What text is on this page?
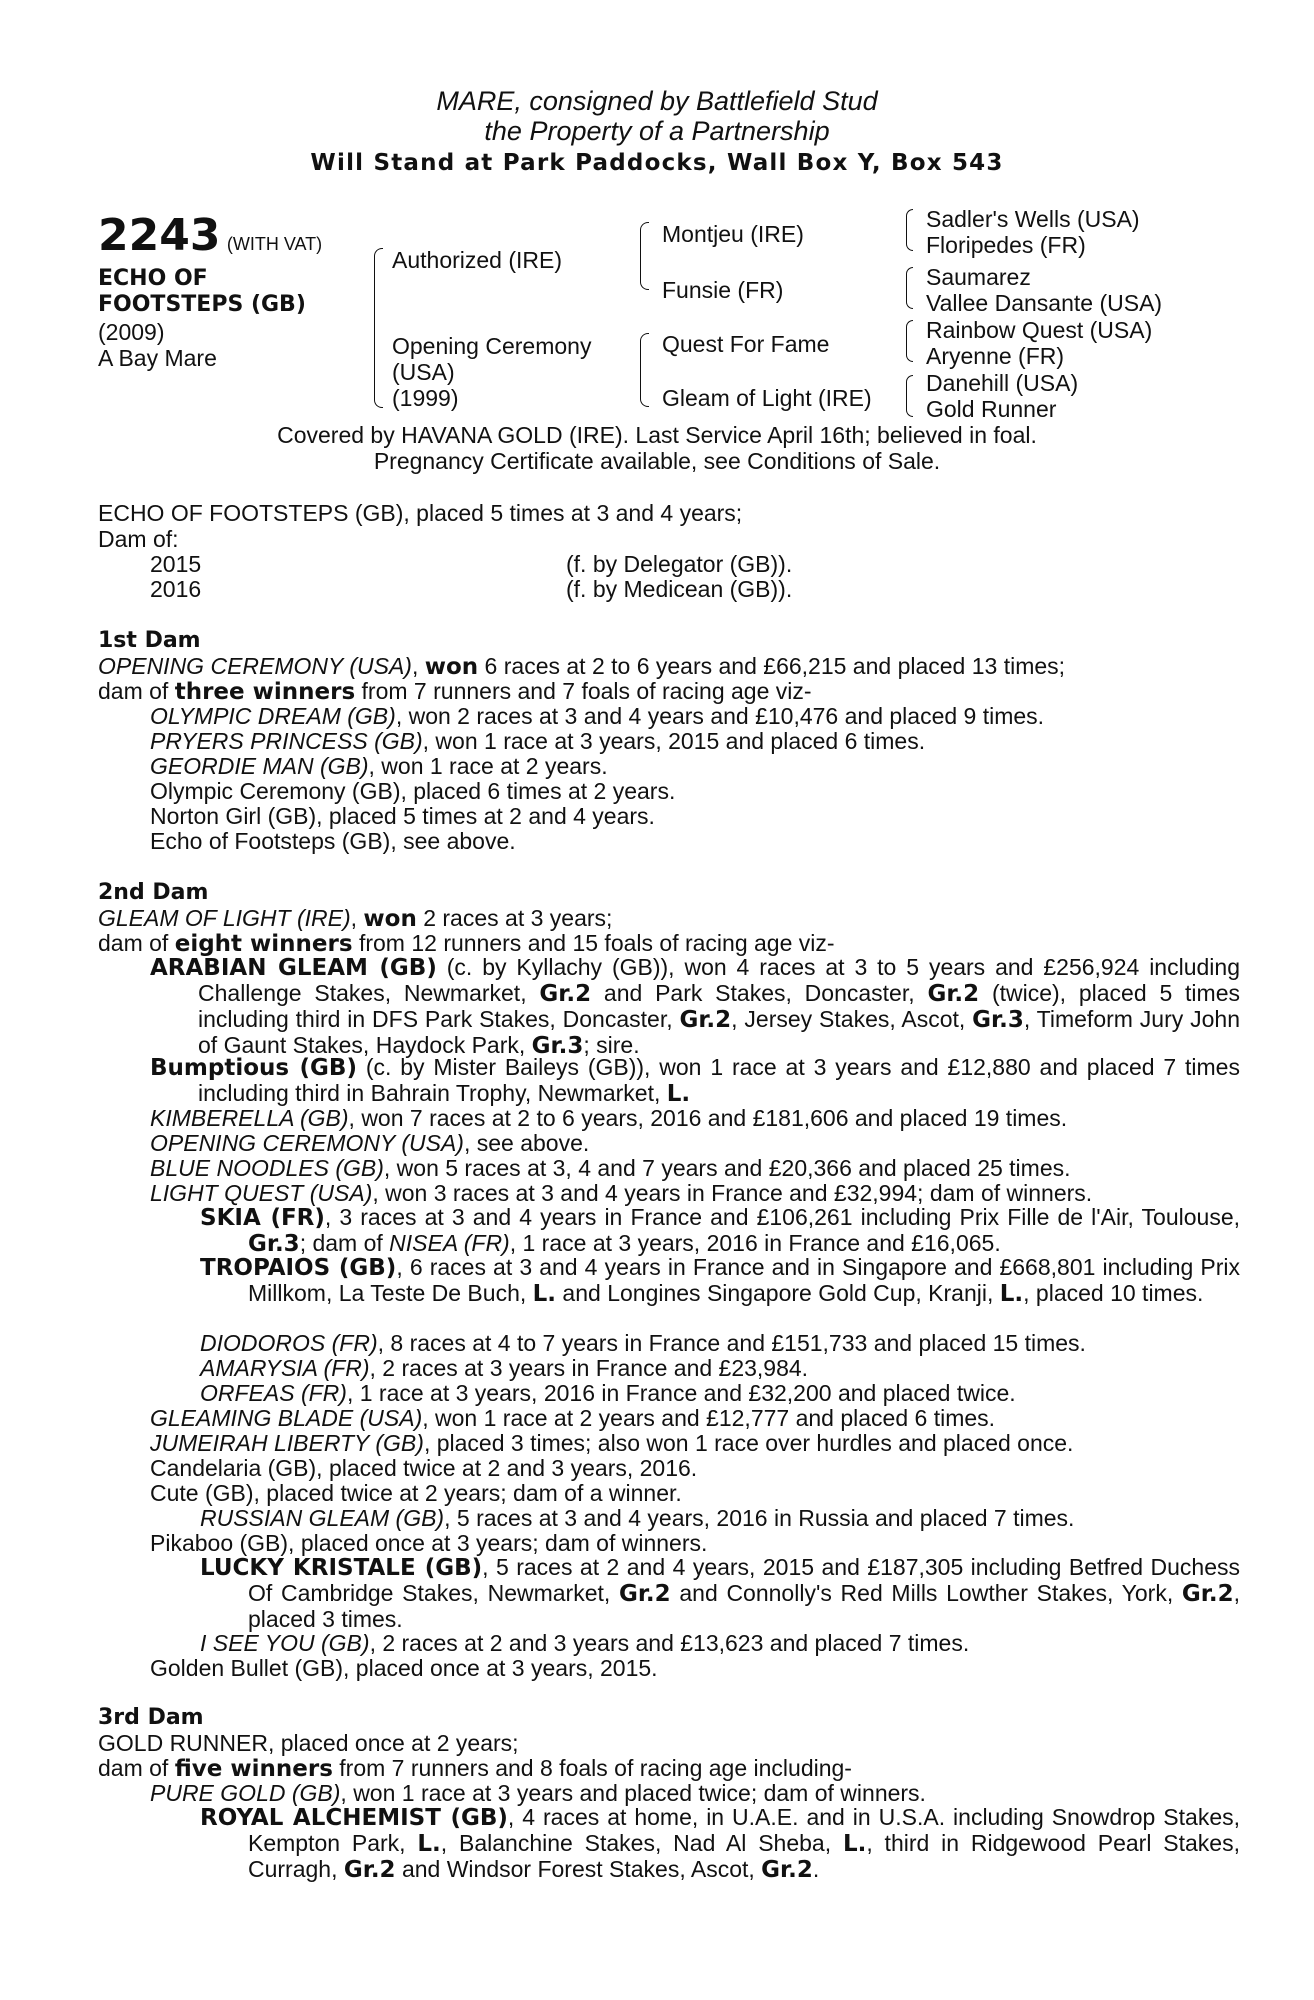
MARE, consigned by Battlefield Stud
the Property of a Partnership
Will Stand at Park Paddocks, Wall Box Y, Box 543
2243 (WITH VAT)
ECHO OF
FOOTSTEPS (GB)
(2009)
A Bay Mare
Authorized (IRE)
Opening Ceremony
(USA)
(1999)
Montjeu (IRE)
Funsie (FR)
Quest For Fame
Gleam of Light (IRE)
Sadler's Wells (USA)
Floripedes (FR)
Saumarez
Vallee Dansante (USA)
Rainbow Quest (USA)
Aryenne (FR)
Danehill (USA)
Gold Runner
Covered by HAVANA GOLD (IRE). Last Service April 16th; believed in foal.
Pregnancy Certificate available, see Conditions of Sale.
ECHO OF FOOTSTEPS (GB), placed 5 times at 3 and 4 years;
Dam of:
2015	(f. by Delegator (GB)).
2016	(f. by Medicean (GB)).
1st Dam
OPENING CEREMONY (USA), won 6 races at 2 to 6 years and £66,215 and placed 13 times;
dam of three winners from 7 runners and 7 foals of racing age viz-
OLYMPIC DREAM (GB), won 2 races at 3 and 4 years and £10,476 and placed 9 times.
PRYERS PRINCESS (GB), won 1 race at 3 years, 2015 and placed 6 times.
GEORDIE MAN (GB), won 1 race at 2 years.
Olympic Ceremony (GB), placed 6 times at 2 years.
Norton Girl (GB), placed 5 times at 2 and 4 years.
Echo of Footsteps (GB), see above.
2nd Dam
GLEAM OF LIGHT (IRE), won 2 races at 3 years;
dam of eight winners from 12 runners and 15 foals of racing age viz-
ARABIAN GLEAM (GB) (c. by Kyllachy (GB)), won 4 races at 3 to 5 years and £256,924 including Challenge Stakes, Newmarket, Gr.2 and Park Stakes, Doncaster, Gr.2 (twice), placed 5 times including third in DFS Park Stakes, Doncaster, Gr.2, Jersey Stakes, Ascot, Gr.3, Timeform Jury John of Gaunt Stakes, Haydock Park, Gr.3; sire.
Bumptious (GB) (c. by Mister Baileys (GB)), won 1 race at 3 years and £12,880 and placed 7 times including third in Bahrain Trophy, Newmarket, L.
KIMBERELLA (GB), won 7 races at 2 to 6 years, 2016 and £181,606 and placed 19 times.
OPENING CEREMONY (USA), see above.
BLUE NOODLES (GB), won 5 races at 3, 4 and 7 years and £20,366 and placed 25 times.
LIGHT QUEST (USA), won 3 races at 3 and 4 years in France and £32,994; dam of winners.
SKIA (FR), 3 races at 3 and 4 years in France and £106,261 including Prix Fille de l'Air, Toulouse, Gr.3; dam of NISEA (FR), 1 race at 3 years, 2016 in France and £16,065.
TROPAIOS (GB), 6 races at 3 and 4 years in France and in Singapore and £668,801 including Prix Millkom, La Teste De Buch, L. and Longines Singapore Gold Cup, Kranji, L., placed 10 times.
DIODOROS (FR), 8 races at 4 to 7 years in France and £151,733 and placed 15 times.
AMARYSIA (FR), 2 races at 3 years in France and £23,984.
ORFEAS (FR), 1 race at 3 years, 2016 in France and £32,200 and placed twice.
GLEAMING BLADE (USA), won 1 race at 2 years and £12,777 and placed 6 times.
JUMEIRAH LIBERTY (GB), placed 3 times; also won 1 race over hurdles and placed once.
Candelaria (GB), placed twice at 2 and 3 years, 2016.
Cute (GB), placed twice at 2 years; dam of a winner.
RUSSIAN GLEAM (GB), 5 races at 3 and 4 years, 2016 in Russia and placed 7 times.
Pikaboo (GB), placed once at 3 years; dam of winners.
LUCKY KRISTALE (GB), 5 races at 2 and 4 years, 2015 and £187,305 including Betfred Duchess Of Cambridge Stakes, Newmarket, Gr.2 and Connolly's Red Mills Lowther Stakes, York, Gr.2, placed 3 times.
I SEE YOU (GB), 2 races at 2 and 3 years and £13,623 and placed 7 times.
Golden Bullet (GB), placed once at 3 years, 2015.
3rd Dam
GOLD RUNNER, placed once at 2 years;
dam of five winners from 7 runners and 8 foals of racing age including-
PURE GOLD (GB), won 1 race at 3 years and placed twice; dam of winners.
ROYAL ALCHEMIST (GB), 4 races at home, in U.A.E. and in U.S.A. including Snowdrop Stakes, Kempton Park, L., Balanchine Stakes, Nad Al Sheba, L., third in Ridgewood Pearl Stakes, Curragh, Gr.2 and Windsor Forest Stakes, Ascot, Gr.2.
